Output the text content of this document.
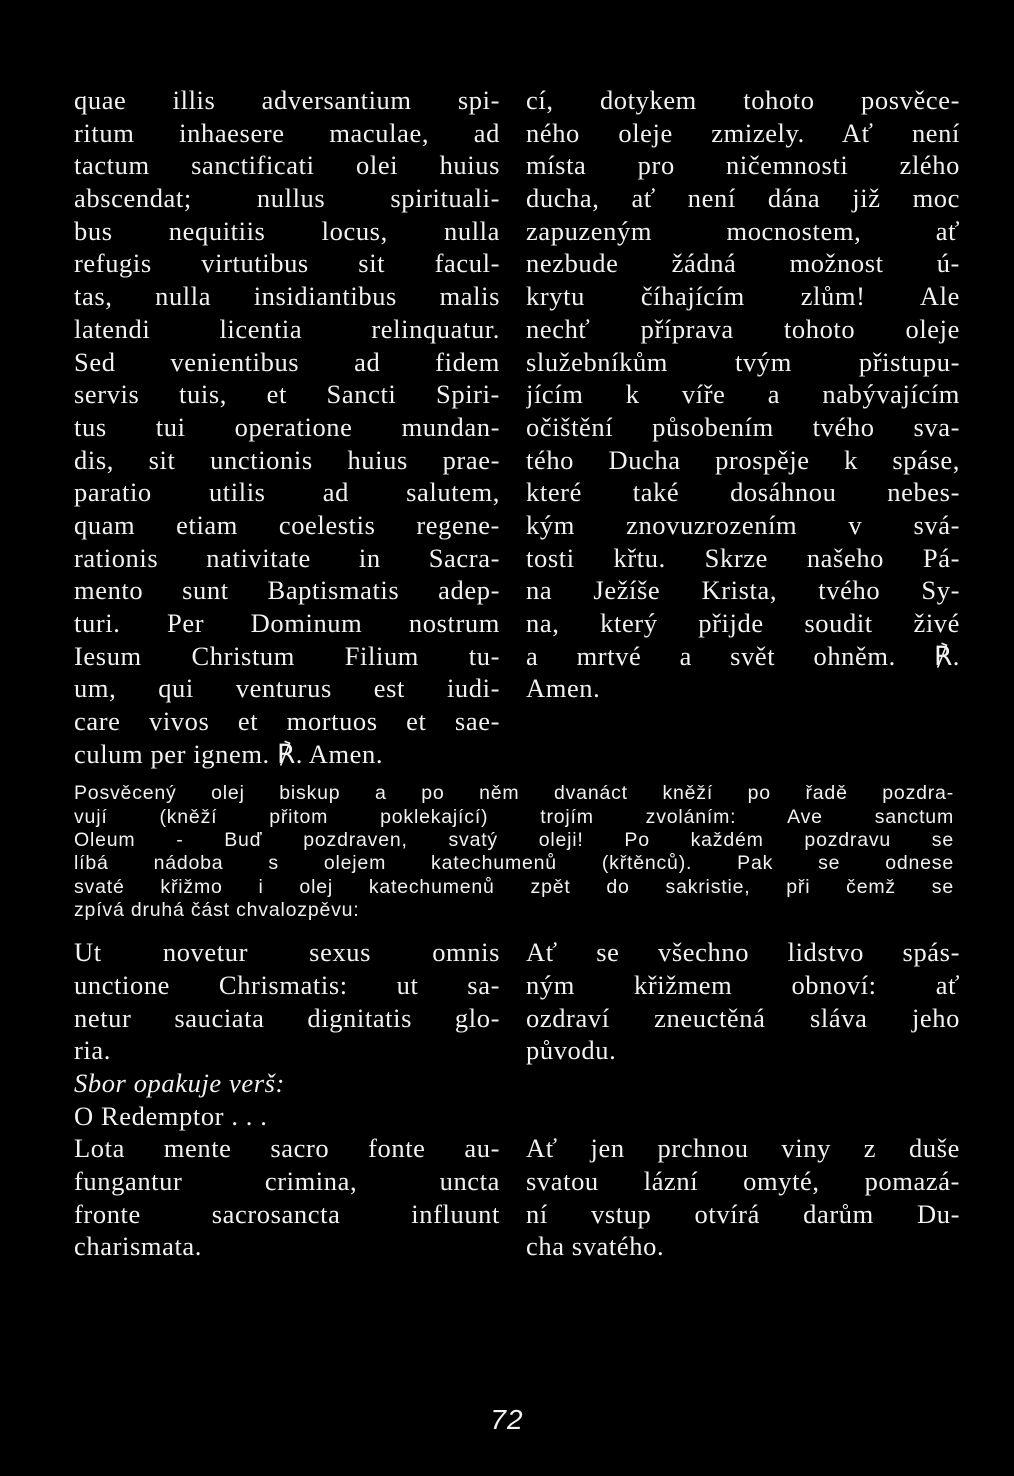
quae illis adversantium spi-
ritum inhaesere maculae, ad
tactum sanctificati olei huius
abscendat; nullus spirituali-
bus nequitiis locus, nulla
refugis virtutibus sit facul-
tas, nulla insidiantibus malis
latendi licentia relinquatur.
Sed venientibus ad fidem
servis tuis, et Sancti Spiri-
tus tui operatione mundan-
dis, sit unctionis huius prae-
paratio utilis ad salutem,
quam etiam coelestis regene-
rationis nativitate in Sacra-
mento sunt Baptismatis adep-
turi. Per Dominum nostrum
Iesum Christum Filium tu-
um, qui venturus est iudi-
care vivos et mortuos et sae-
culum per ignem. ℟. Amen.
cí, dotykem tohoto posvěce-
ného oleje zmizely. Ať není
místa pro ničemnosti zlého
ducha, ať není dána již moc
zapuzeným mocnostem, ať
nezbude žádná možnost ú-
krytu číhajícím zlům! Ale
nechť příprava tohoto oleje
služebníkům tvým přistupu-
jícím k víře a nabývajícím
očištění působením tvého sva-
tého Ducha prospěje k spáse,
které také dosáhnou nebes-
kým znovuzrozením v svá-
tosti křtu. Skrze našeho Pá-
na Ježíše Krista, tvého Sy-
na, který přijde soudit živé
a mrtvé a svět ohněm. ℟.
Amen.
Posvěcený olej biskup a po něm dvanáct kněží po řadě pozdra-
vují (kněží přitom poklekající) trojím zvoláním: Ave sanctum
Oleum - Buď pozdraven, svatý oleji! Po každém pozdravu se
líbá nádoba s olejem katechumenů (křtěnců). Pak se odnese
svaté křižmo i olej katechumenů zpět do sakristie, při čemž se
zpívá druhá část chvalozpěvu:
Ut novetur sexus omnis
unctione Chrismatis: ut sa-
netur sauciata dignitatis glo-
ria.
Sbor opakuje verš:
O Redemptor . . .
Ať se všechno lidstvo spás-
ným křižmem obnoví: ať
ozdraví zneuctěná sláva jeho
původu.
Lota mente sacro fonte au-
fungantur crimina, uncta
fronte sacrosancta influunt
charismata.
Ať jen prchnou viny z duše
svatou lázní omyté, pomazá-
ní vstup otvírá darům Du-
cha svatého.
72
